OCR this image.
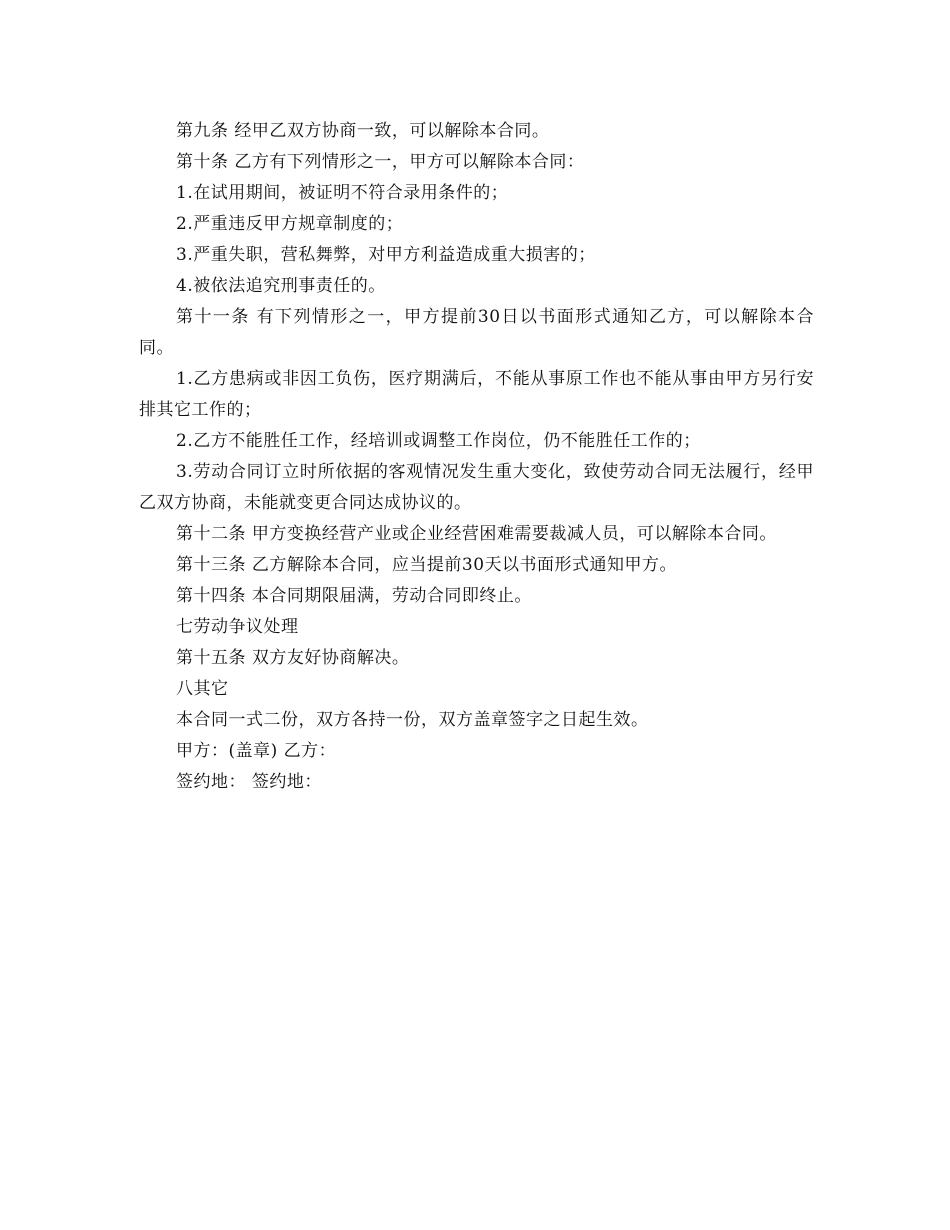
第九条 经甲乙双方协商一致，可以解除本合同。

第十条 乙方有下列情形之一，甲方可以解除本合同：

1.在试用期间，被证明不符合录用条件的；

2.严重违反甲方规章制度的；

3.严重失职，营私舞弊，对甲方利益造成重大损害的；

4.被依法追究刑事责任的。

第十一条 有下列情形之一，甲方提前30日以书面形式通知乙方，可以解除本合同。

1.乙方患病或非因工负伤，医疗期满后，不能从事原工作也不能从事由甲方另行安排其它工作的；

2.乙方不能胜任工作，经培训或调整工作岗位，仍不能胜任工作的；

3.劳动合同订立时所依据的客观情况发生重大变化，致使劳动合同无法履行，经甲乙双方协商，未能就变更合同达成协议的。

第十二条 甲方变换经营产业或企业经营困难需要裁减人员，可以解除本合同。

第十三条 乙方解除本合同，应当提前30天以书面形式通知甲方。

第十四条 本合同期限届满，劳动合同即终止。

七劳动争议处理

第十五条 双方友好协商解决。

八其它

本合同一式二份，双方各持一份，双方盖章签字之日起生效。

甲方：(盖章) 乙方：

签约地： 签约地：
